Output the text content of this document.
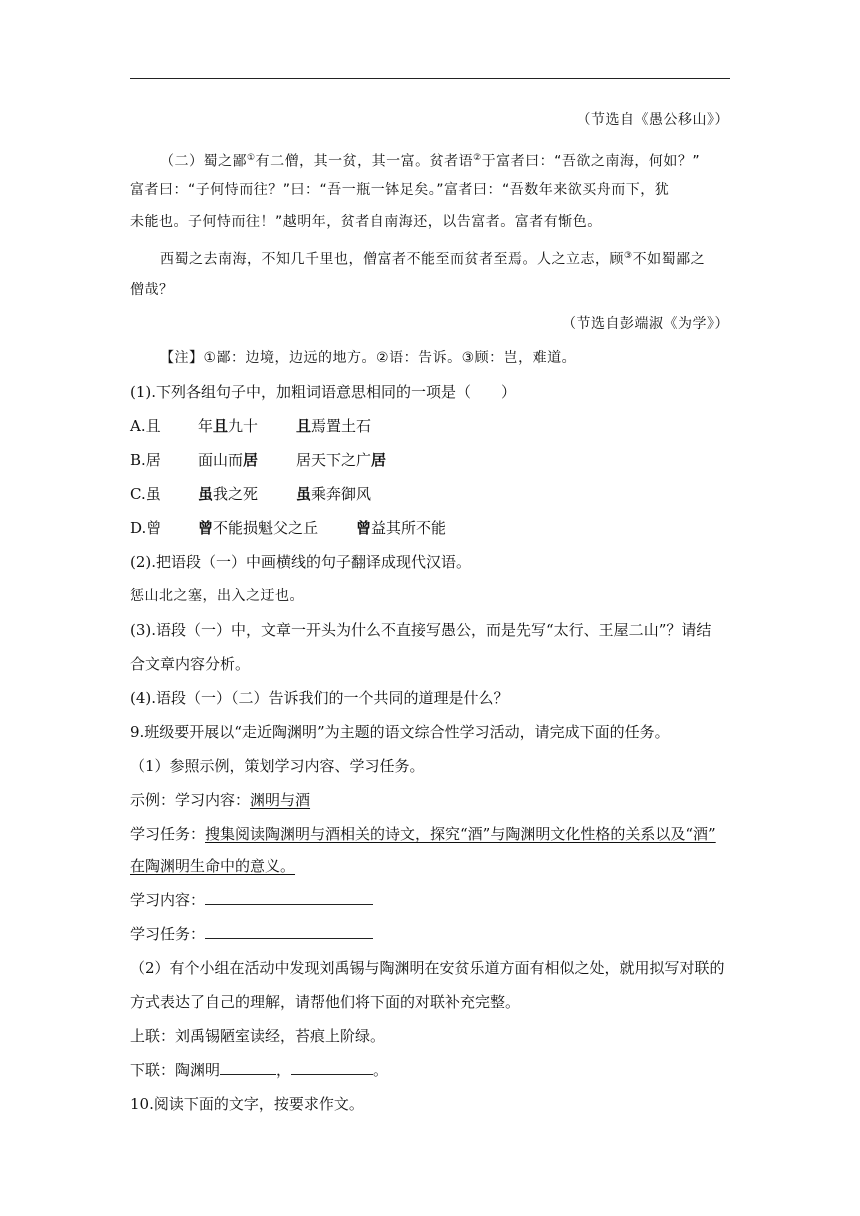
（节选自《愚公移山》）
（二）蜀之鄙①有二僧，其一贫，其一富。贫者语②于富者曰：“吾欲之南海，何如？”
富者曰：“子何恃而往？”曰：“吾一瓶一钵足矣。”富者曰：“吾数年来欲买舟而下，犹
未能也。子何恃而往！”越明年，贫者自南海还，以告富者。富者有惭色。
西蜀之去南海，不知几千里也，僧富者不能至而贫者至焉。人之立志，顾③不如蜀鄙之
僧哉？
（节选自彭端淑《为学》）
【注】①鄙：边境，边远的地方。②语：告诉。③顾：岂，难道。
(1).下列各组句子中，加粗词语意思相同的一项是（　　）
A.且 年且九十	且焉置土石
B.居 面山而居	居天下之广居
C.虽 虽我之死	虽乘奔御风
D.曾 曾不能损魁父之丘	曾益其所不能
(2).把语段（一）中画横线的句子翻译成现代汉语。
惩山北之塞，出入之迂也。
(3).语段（一）中，文章一开头为什么不直接写愚公，而是先写“太行、王屋二山”？请结
合文章内容分析。
(4).语段（一）（二）告诉我们的一个共同的道理是什么？
9.班级要开展以“走近陶渊明”为主题的语文综合性学习活动，请完成下面的任务。
（1）参照示例，策划学习内容、学习任务。
示例：学习内容：渊明与酒
学习任务：搜集阅读陶渊明与酒相关的诗文，探究“酒”与陶渊明文化性格的关系以及“酒”
在陶渊明生命中的意义。
学习内容：
学习任务：
（2）有个小组在活动中发现刘禹锡与陶渊明在安贫乐道方面有相似之处，就用拟写对联的
方式表达了自己的理解，请帮他们将下面的对联补充完整。
上联：刘禹锡陋室读经，苔痕上阶绿。
下联：陶渊明	，	。
10.阅读下面的文字，按要求作文。
